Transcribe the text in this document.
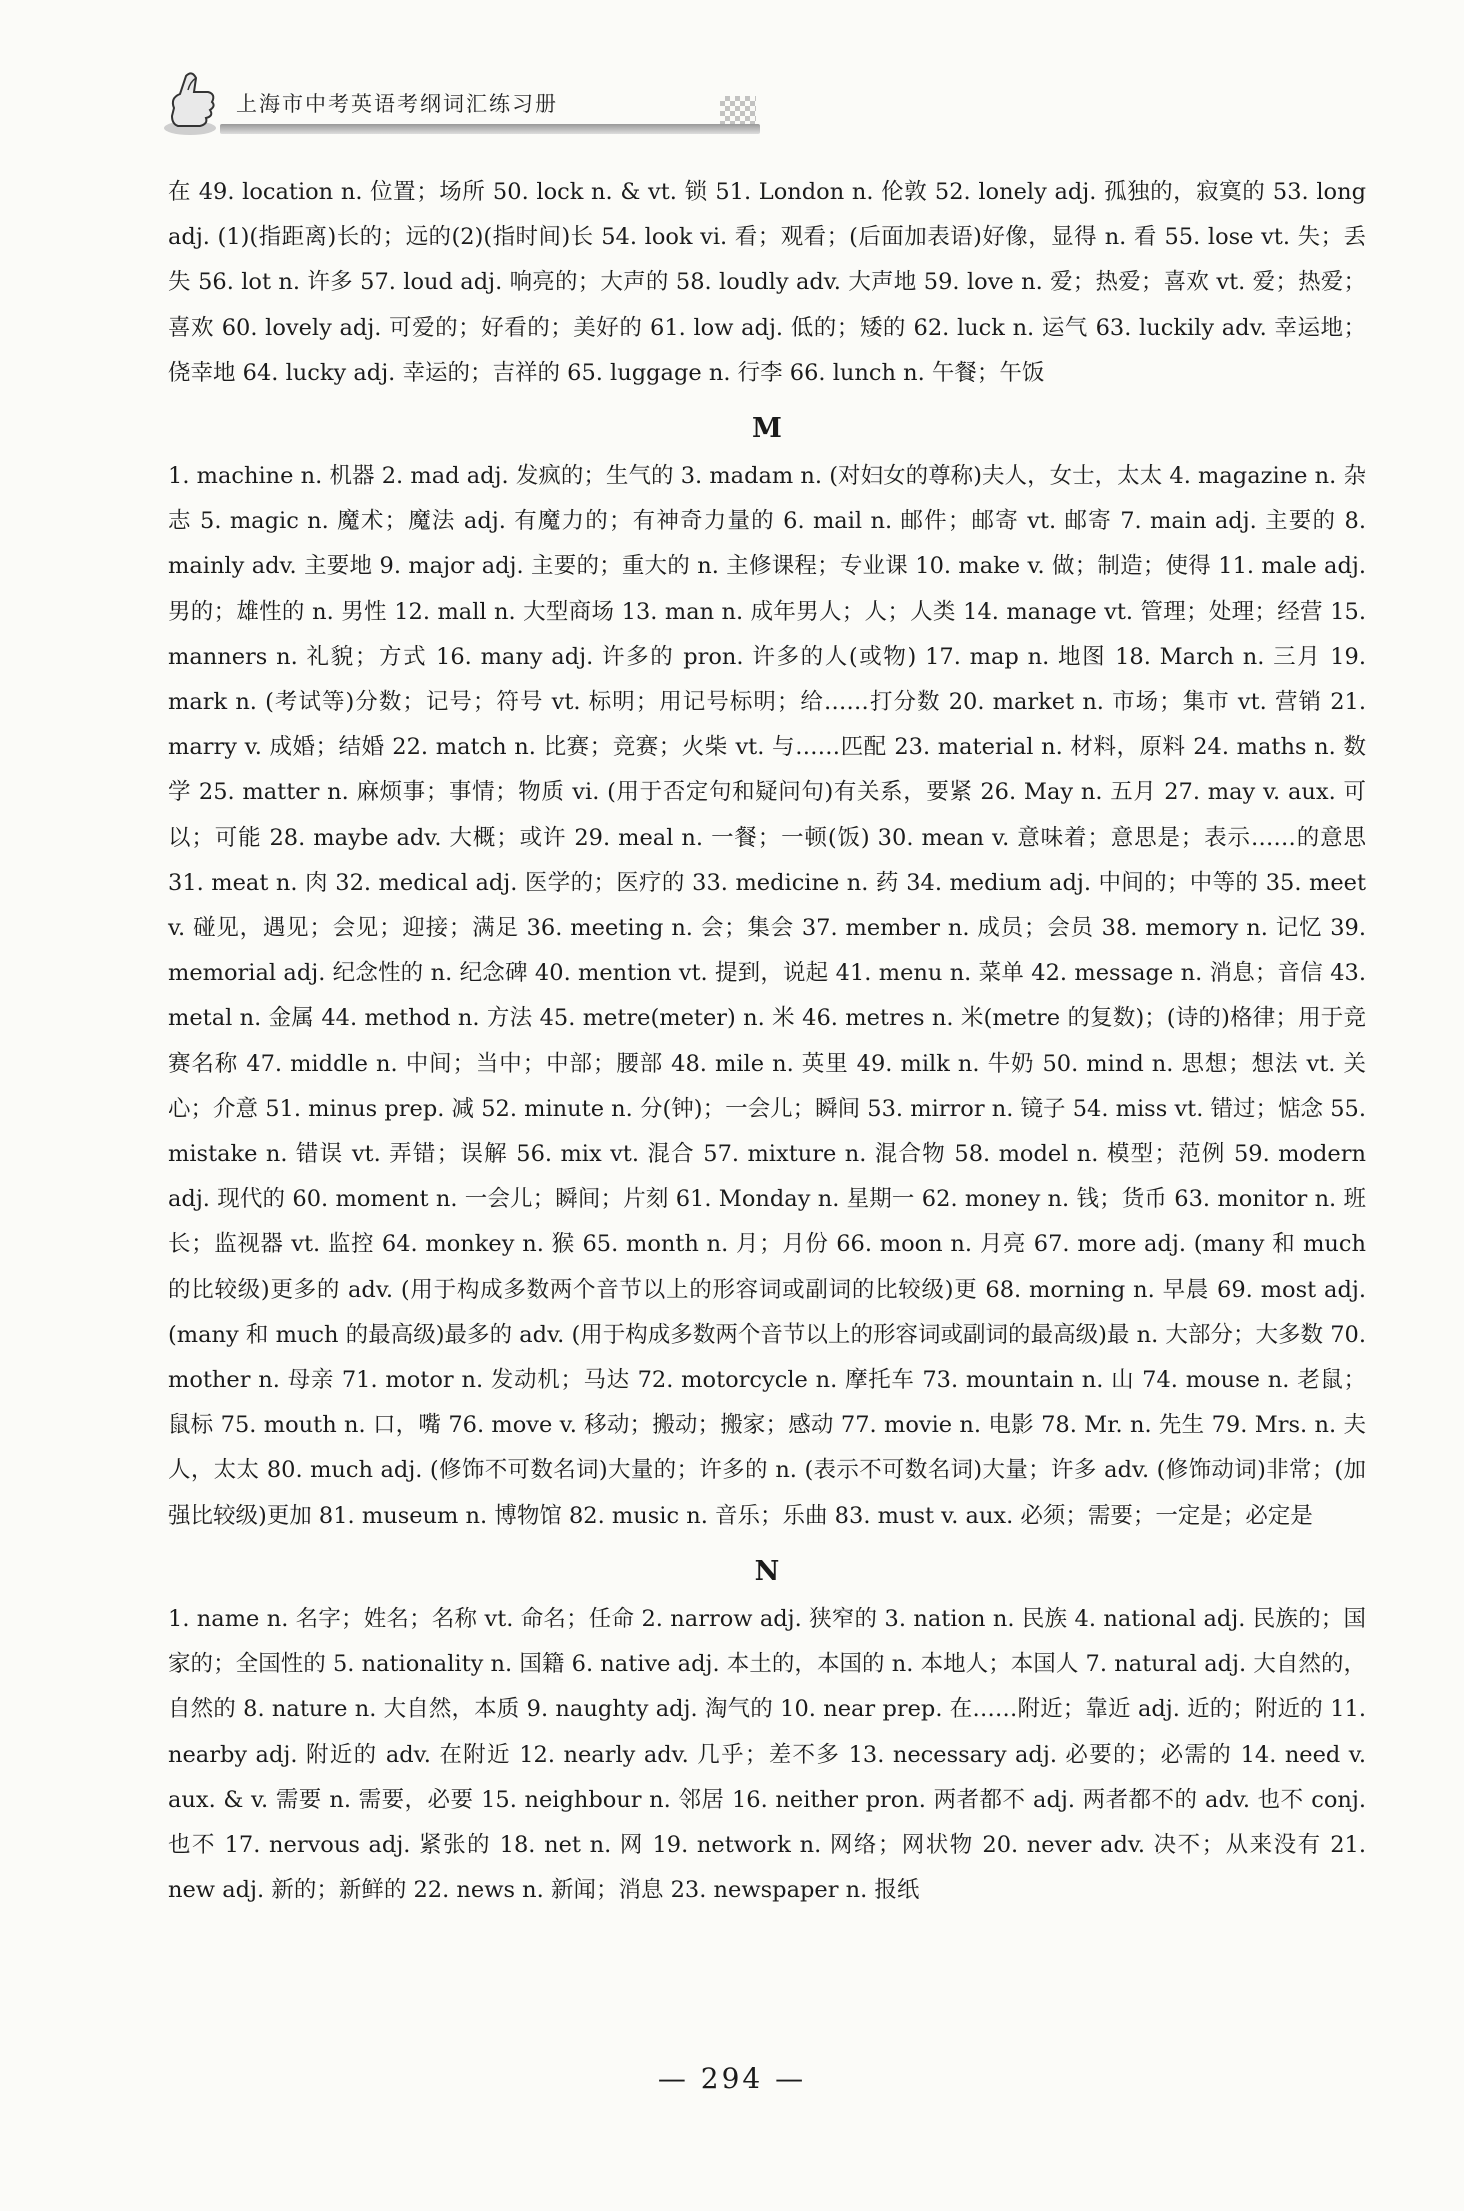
上海市中考英语考纲词汇练习册

在 49. location n. 位置；场所 50. lock n. & vt. 锁 51. London n. 伦敦 52. lonely adj. 孤独的，寂寞的 53. long adj. (1)(指距离)长的；远的(2)(指时间)长 54. look vi. 看；观看；(后面加表语)好像，显得 n. 看 55. lose vt. 失；丢失 56. lot n. 许多 57. loud adj. 响亮的；大声的 58. loudly adv. 大声地 59. love n. 爱；热爱；喜欢 vt. 爱；热爱；喜欢 60. lovely adj. 可爱的；好看的；美好的 61. low adj. 低的；矮的 62. luck n. 运气 63. luckily adv. 幸运地；侥幸地 64. lucky adj. 幸运的；吉祥的 65. luggage n. 行李 66. lunch n. 午餐；午饭

M

1. machine n. 机器 2. mad adj. 发疯的；生气的 3. madam n. (对妇女的尊称)夫人，女士，太太 4. magazine n. 杂志 5. magic n. 魔术；魔法 adj. 有魔力的；有神奇力量的 6. mail n. 邮件；邮寄 vt. 邮寄 7. main adj. 主要的 8. mainly adv. 主要地 9. major adj. 主要的；重大的 n. 主修课程；专业课 10. make v. 做；制造；使得 11. male adj. 男的；雄性的 n. 男性 12. mall n. 大型商场 13. man n. 成年男人；人；人类 14. manage vt. 管理；处理；经营 15. manners n. 礼貌；方式 16. many adj. 许多的 pron. 许多的人(或物) 17. map n. 地图 18. March n. 三月 19. mark n. (考试等)分数；记号；符号 vt. 标明；用记号标明；给……打分数 20. market n. 市场；集市 vt. 营销 21. marry v. 成婚；结婚 22. match n. 比赛；竞赛；火柴 vt. 与……匹配 23. material n. 材料，原料 24. maths n. 数学 25. matter n. 麻烦事；事情；物质 vi. (用于否定句和疑问句)有关系，要紧 26. May n. 五月 27. may v. aux. 可以；可能 28. maybe adv. 大概；或许 29. meal n. 一餐；一顿(饭) 30. mean v. 意味着；意思是；表示……的意思 31. meat n. 肉 32. medical adj. 医学的；医疗的 33. medicine n. 药 34. medium adj. 中间的；中等的 35. meet v. 碰见，遇见；会见；迎接；满足 36. meeting n. 会；集会 37. member n. 成员；会员 38. memory n. 记忆 39. memorial adj. 纪念性的 n. 纪念碑 40. mention vt. 提到，说起 41. menu n. 菜单 42. message n. 消息；音信 43. metal n. 金属 44. method n. 方法 45. metre(meter) n. 米 46. metres n. 米(metre 的复数)；(诗的)格律；用于竞赛名称 47. middle n. 中间；当中；中部；腰部 48. mile n. 英里 49. milk n. 牛奶 50. mind n. 思想；想法 vt. 关心；介意 51. minus prep. 减 52. minute n. 分(钟)；一会儿；瞬间 53. mirror n. 镜子 54. miss vt. 错过；惦念 55. mistake n. 错误 vt. 弄错；误解 56. mix vt. 混合 57. mixture n. 混合物 58. model n. 模型；范例 59. modern adj. 现代的 60. moment n. 一会儿；瞬间；片刻 61. Monday n. 星期一 62. money n. 钱；货币 63. monitor n. 班长；监视器 vt. 监控 64. monkey n. 猴 65. month n. 月；月份 66. moon n. 月亮 67. more adj. (many 和 much 的比较级)更多的 adv. (用于构成多数两个音节以上的形容词或副词的比较级)更 68. morning n. 早晨 69. most adj. (many 和 much 的最高级)最多的 adv. (用于构成多数两个音节以上的形容词或副词的最高级)最 n. 大部分；大多数 70. mother n. 母亲 71. motor n. 发动机；马达 72. motorcycle n. 摩托车 73. mountain n. 山 74. mouse n. 老鼠；鼠标 75. mouth n. 口，嘴 76. move v. 移动；搬动；搬家；感动 77. movie n. 电影 78. Mr. n. 先生 79. Mrs. n. 夫人，太太 80. much adj. (修饰不可数名词)大量的；许多的 n. (表示不可数名词)大量；许多 adv. (修饰动词)非常；(加强比较级)更加 81. museum n. 博物馆 82. music n. 音乐；乐曲 83. must v. aux. 必须；需要；一定是；必定是

N

1. name n. 名字；姓名；名称 vt. 命名；任命 2. narrow adj. 狭窄的 3. nation n. 民族 4. national adj. 民族的；国家的；全国性的 5. nationality n. 国籍 6. native adj. 本土的，本国的 n. 本地人；本国人 7. natural adj. 大自然的，自然的 8. nature n. 大自然，本质 9. naughty adj. 淘气的 10. near prep. 在……附近；靠近 adj. 近的；附近的 11. nearby adj. 附近的 adv. 在附近 12. nearly adv. 几乎；差不多 13. necessary adj. 必要的；必需的 14. need v. aux. & v. 需要 n. 需要，必要 15. neighbour n. 邻居 16. neither pron. 两者都不 adj. 两者都不的 adv. 也不 conj. 也不 17. nervous adj. 紧张的 18. net n. 网 19. network n. 网络；网状物 20. never adv. 决不；从来没有 21. new adj. 新的；新鲜的 22. news n. 新闻；消息 23. newspaper n. 报纸

— 294 —
